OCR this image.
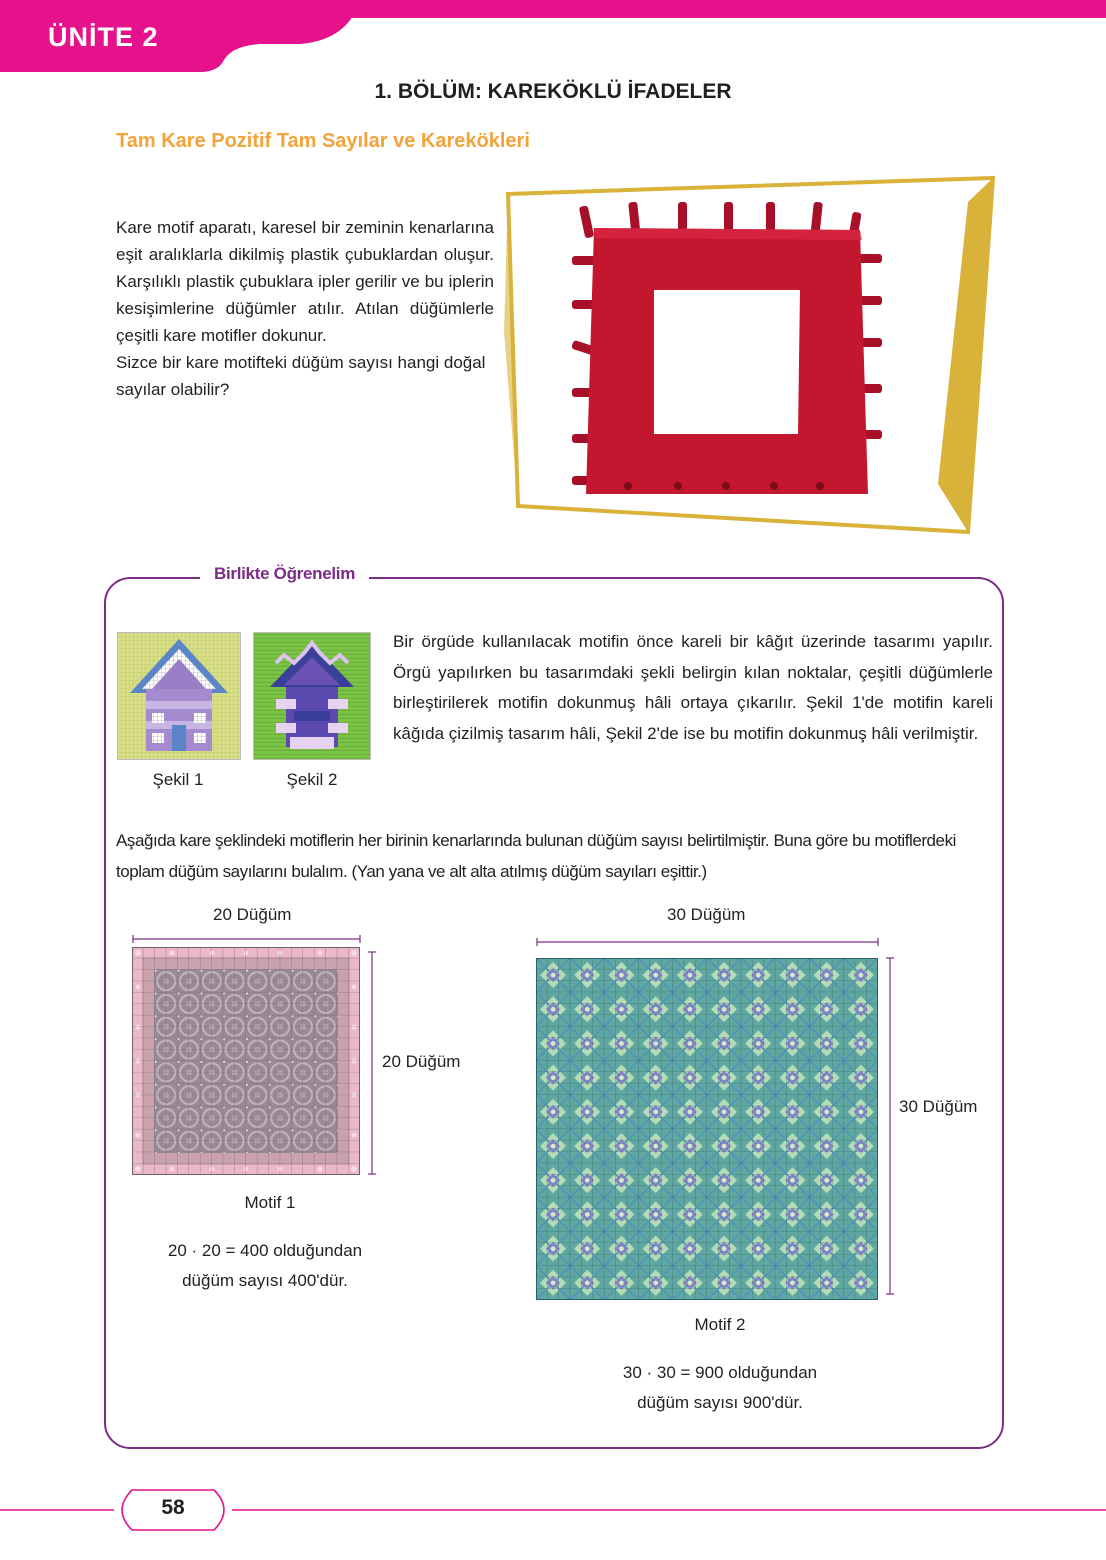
ÜNİTE 2
1. BÖLÜM: KAREKÖKLÜ İFADELER
Tam Kare Pozitif Tam Sayılar ve Karekökleri

Kare motif aparatı, karesel bir zeminin kenarlarına eşit aralıklarla dikilmiş plastik çubuklardan oluşur. Karşılıklı plastik çubuklara ipler gerilir ve bu iplerin kesişimlerine düğümler atılır. Atılan düğümlerle çeşitli kare motifler dokunur.

Sizce bir kare motifteki düğüm sayısı hangi doğal sayılar olabilir?

Birlikte Öğrenelim
Şekil 1	Şekil 2
Bir örgüde kullanılacak motifin önce kareli bir kâğıt üzerinde tasarımı yapılır. Örgü yapılırken bu tasarımdaki şekli belirgin kılan noktalar, çeşitli düğümlerle birleştirilerek motifin dokunmuş hâli ortaya çıkarılır. Şekil 1'de motifin kareli kâğıda çizilmiş tasarım hâli, Şekil 2'de ise bu motifin dokunmuş hâli verilmiştir.
Aşağıda kare şeklindeki motiflerin her birinin kenarlarında bulunan düğüm sayısı belirtilmiştir. Buna göre bu motiflerdeki toplam düğüm sayılarını bulalım. (Yan yana ve alt alta atılmış düğüm sayıları eşittir.)
20 Düğüm
20 Düğüm
Motif 1
20 · 20 = 400 olduğundan
düğüm sayısı 400'dür.
30 Düğüm
30 Düğüm
Motif 2
30 · 30 = 900 olduğundan
düğüm sayısı 900'dür.
58
